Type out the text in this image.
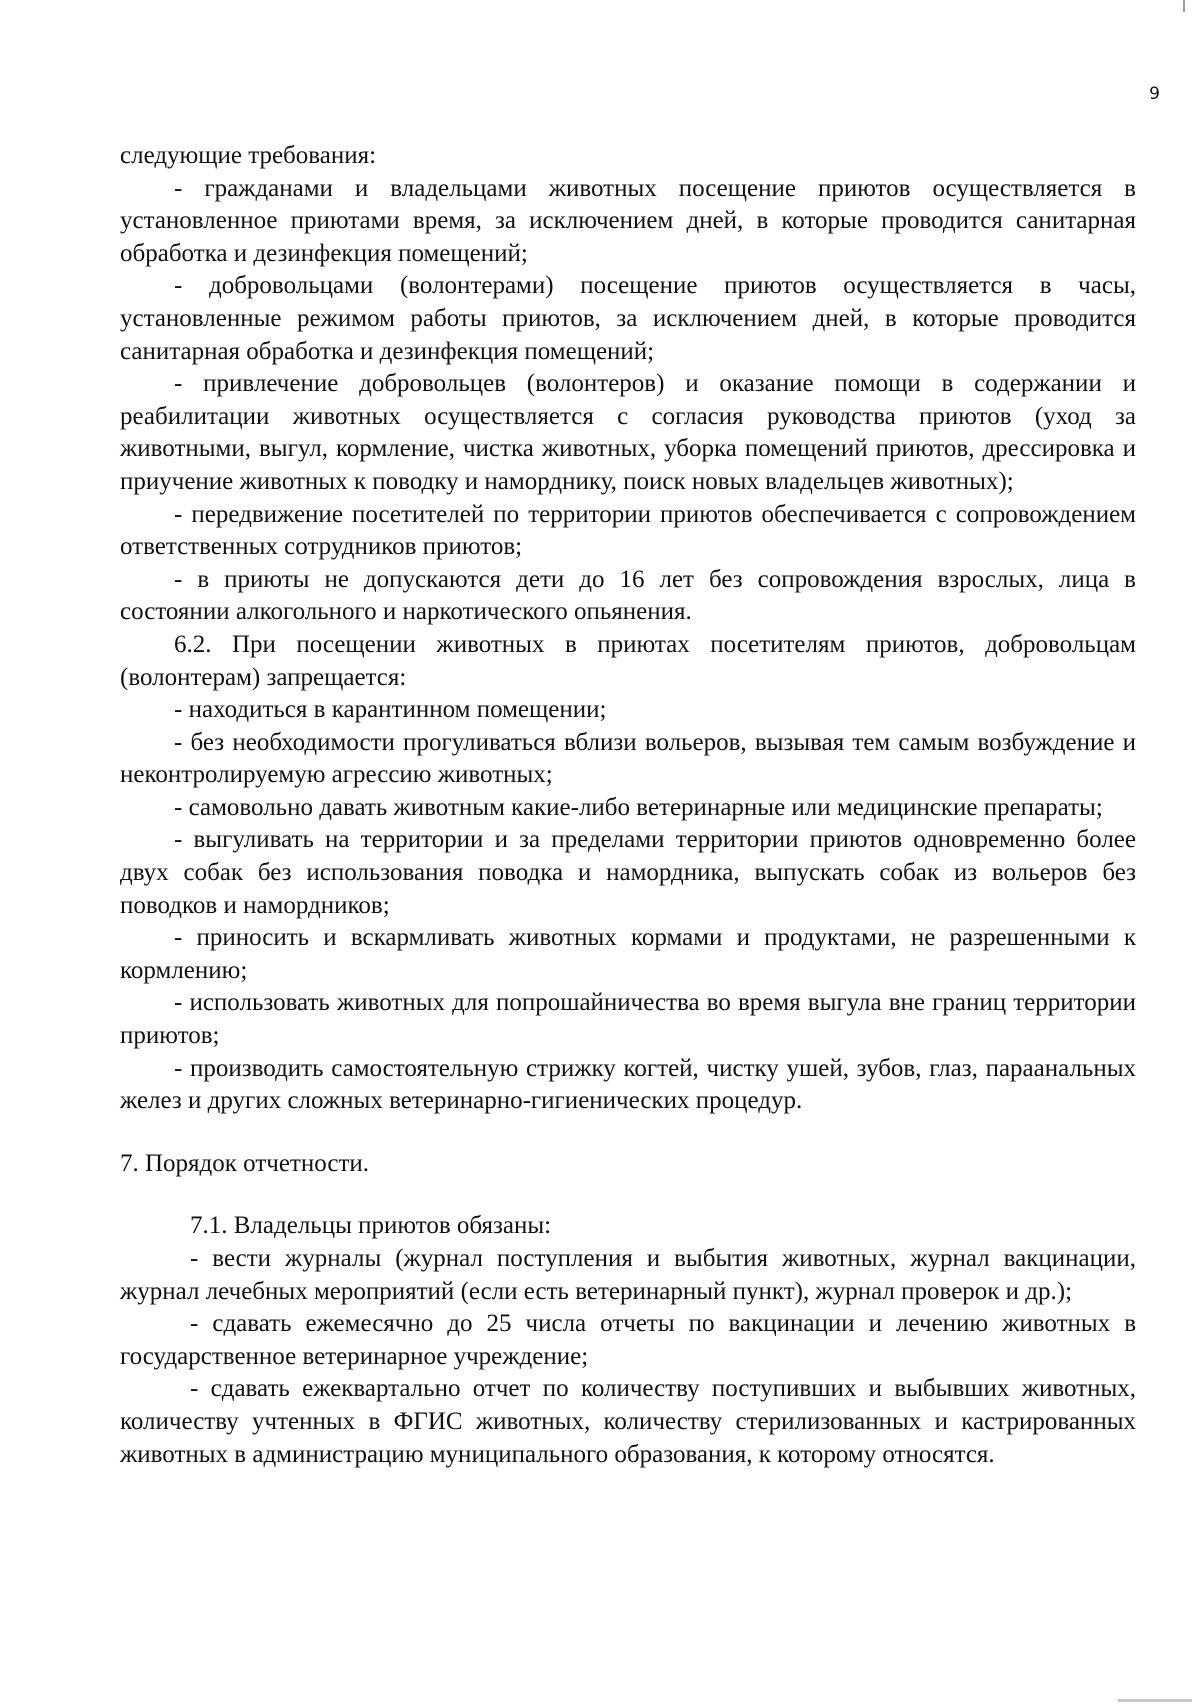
9

следующие требования:

- гражданами и владельцами животных посещение приютов осуществляется в установленное приютами время, за исключением дней, в которые проводится санитарная обработка и дезинфекция помещений;

- добровольцами (волонтерами) посещение приютов осуществляется в часы, установленные режимом работы приютов, за исключением дней, в которые проводится санитарная обработка и дезинфекция помещений;

- привлечение добровольцев (волонтеров) и оказание помощи в содержании и реабилитации животных осуществляется с согласия руководства приютов (уход за животными, выгул, кормление, чистка животных, уборка помещений приютов, дрессировка и приучение животных к поводку и наморднику, поиск новых владельцев животных);

- передвижение посетителей по территории приютов обеспечивается с сопровождением ответственных сотрудников приютов;

- в приюты не допускаются дети до 16 лет без сопровождения взрослых, лица в состоянии алкогольного и наркотического опьянения.

6.2. При посещении животных в приютах посетителям приютов, добровольцам (волонтерам) запрещается:

- находиться в карантинном помещении;

- без необходимости прогуливаться вблизи вольеров, вызывая тем самым возбуждение и неконтролируемую агрессию животных;

- самовольно давать животным какие-либо ветеринарные или медицинские препараты;

- выгуливать на территории и за пределами территории приютов одновременно более двух собак без использования поводка и намордника, выпускать собак из вольеров без поводков и намордников;

- приносить и вскармливать животных кормами и продуктами, не разрешенными к кормлению;

- использовать животных для попрошайничества во время выгула вне границ территории приютов;

- производить самостоятельную стрижку когтей, чистку ушей, зубов, глаз, параанальных желез и других сложных ветеринарно-гигиенических процедур.

7. Порядок отчетности.

7.1. Владельцы приютов обязаны:

- вести журналы (журнал поступления и выбытия животных, журнал вакцинации, журнал лечебных мероприятий (если есть ветеринарный пункт), журнал проверок и др.);

- сдавать ежемесячно до 25 числа отчеты по вакцинации и лечению животных в государственное ветеринарное учреждение;

- сдавать ежеквартально отчет по количеству поступивших и выбывших животных, количеству учтенных в ФГИС животных, количеству стерилизованных и кастрированных животных в администрацию муниципального образования, к которому относятся.
